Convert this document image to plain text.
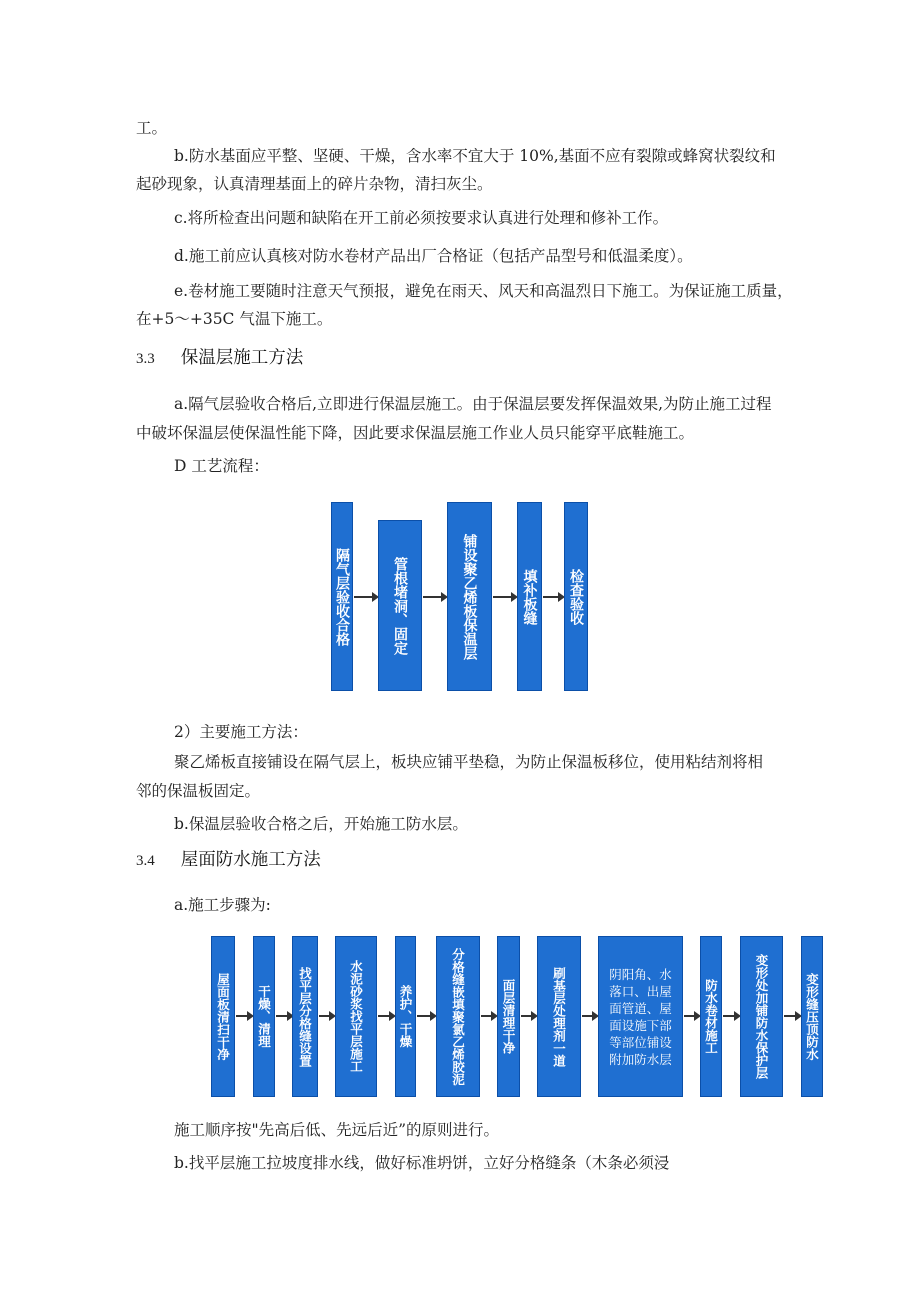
工。
b.防水基面应平整、坚硬、干燥，含水率不宜大于 10%,基面不应有裂隙或蜂窝状裂纹和
起砂现象，认真清理基面上的碎片杂物，清扫灰尘。
c.将所检查出问题和缺陷在开工前必须按要求认真进行处理和修补工作。
d.施工前应认真核对防水卷材产品出厂合格证（包括产品型号和低温柔度）。
e.卷材施工要随时注意天气预报，避免在雨天、风天和高温烈日下施工。为保证施工质量，
在+5～+35C 气温下施工。
3.3 保温层施工方法
a.隔气层验收合格后,立即进行保温层施工。由于保温层要发挥保温效果,为防止施工过程
中破坏保温层使保温性能下降，因此要求保温层施工作业人员只能穿平底鞋施工。
D 工艺流程：
隔气层验收合格	管根堵洞、固定	铺设聚乙烯板保温层	填补板缝 检查验收
2）主要施工方法：
聚乙烯板直接铺设在隔气层上，板块应铺平垫稳，为防止保温板移位，使用粘结剂将相
邻的保温板固定。
b.保温层验收合格之后，开始施工防水层。
3.4 屋面防水施工方法
a.施工步骤为:
屋面板清扫干净 干燥、清理	找平层分格缝设置	水泥砂浆找平层施工	养护、干燥	分格缝嵌填聚氯乙烯胶泥	面层清理干净	刷基层处理剂一道	阴阳角、水
落口、出屋
面管道、屋
面设施下部
等部位铺设
附加防水层
防水卷材施工	变形处加铺防水保护层	变形缝压顶防水
施工顺序按"先高后低、先远后近”的原则进行。
b.找平层施工拉坡度排水线，做好标准坍饼，立好分格缝条（木条必须浸
